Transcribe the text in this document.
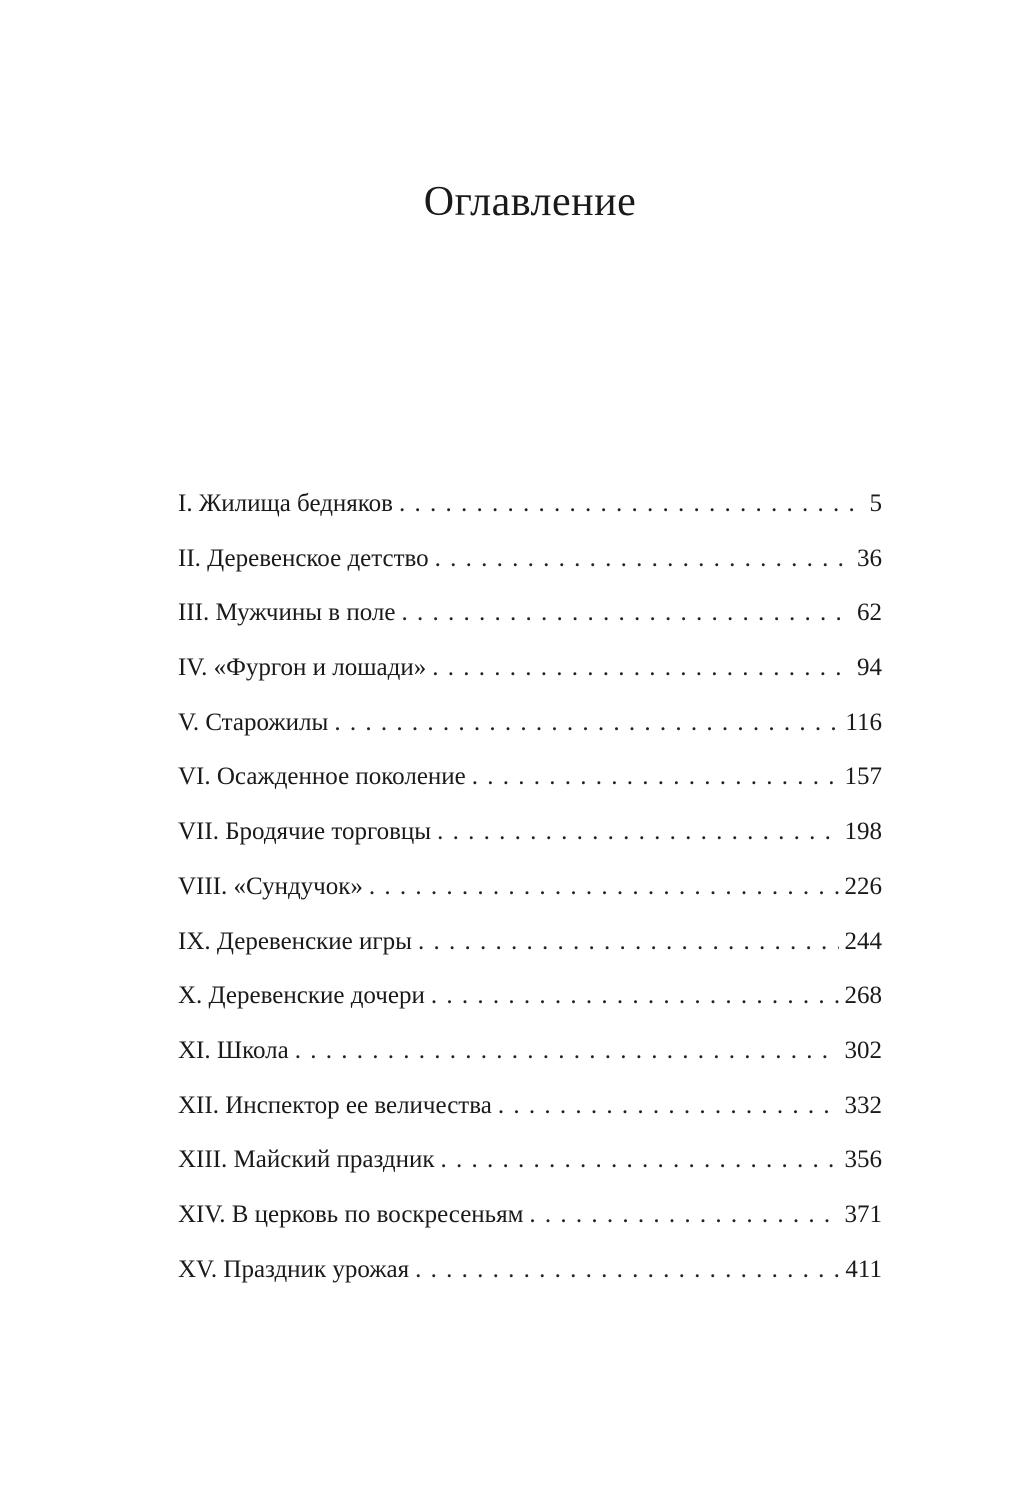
Оглавление
I. Жилища бедняков . . .	5
II. Деревенское детство . . .	36
III. Мужчины в поле . . .	62
IV. «Фургон и лошади» . . .	94
V. Старожилы . . .	116
VI. Осажденное поколение . . .	157
VII. Бродячие торговцы . . .	198
VIII. «Сундучок» . . .	226
IX. Деревенские игры . . .	244
X. Деревенские дочери . . .	268
XI. Школа . . .	302
XII. Инспектор ее величества . . .	332
XIII. Майский праздник . . .	356
XIV. В церковь по воскресеньям . . .	371
XV. Праздник урожая . . .	411
